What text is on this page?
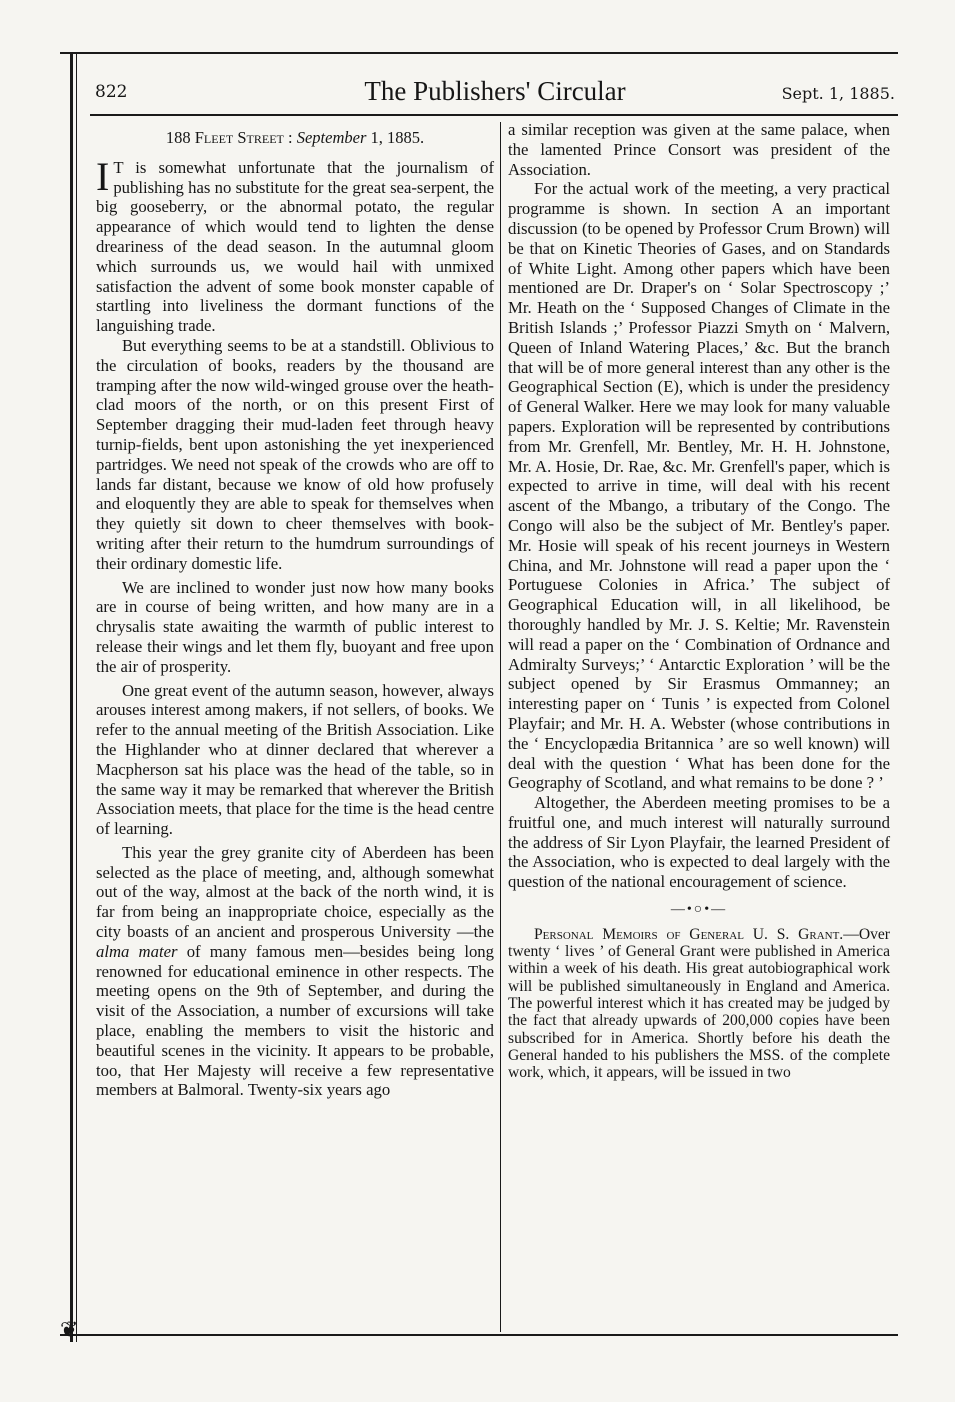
822	The Publishers' Circular	Sept. 1, 1885.
188 Fleet Street : September 1, 1885.

I T is somewhat unfortunate that the journalism of publishing has no substitute for the great sea-serpent, the big gooseberry, or the abnormal potato, the regular appearance of which would tend to lighten the dense dreariness of the dead season. In the autumnal gloom which surrounds us, we would hail with unmixed satisfaction the advent of some book monster capable of startling into liveliness the dormant functions of the languishing trade.

But everything seems to be at a standstill. Oblivious to the circulation of books, readers by the thousand are tramping after the now wild-winged grouse over the heath-clad moors of the north, or on this present First of September dragging their mud-laden feet through heavy turnip-fields, bent upon astonishing the yet inexperienced partridges. We need not speak of the crowds who are off to lands far distant, because we know of old how profusely and eloquently they are able to speak for themselves when they quietly sit down to cheer themselves with book-writing after their return to the humdrum surroundings of their ordinary domestic life.

We are inclined to wonder just now how many books are in course of being written, and how many are in a chrysalis state awaiting the warmth of public interest to release their wings and let them fly, buoyant and free upon the air of prosperity.

One great event of the autumn season, however, always arouses interest among makers, if not sellers, of books. We refer to the annual meeting of the British Association. Like the Highlander who at dinner declared that wherever a Macpherson sat his place was the head of the table, so in the same way it may be remarked that wherever the British Association meets, that place for the time is the head centre of learning.

This year the grey granite city of Aberdeen has been selected as the place of meeting, and, although somewhat out of the way, almost at the back of the north wind, it is far from being an inappropriate choice, especially as the city boasts of an ancient and prosperous University —the alma mater of many famous men—besides being long renowned for educational eminence in other respects. The meeting opens on the 9th of September, and during the visit of the Association, a number of excursions will take place, enabling the members to visit the historic and beautiful scenes in the vicinity. It appears to be probable, too, that Her Majesty will receive a few representative members at Balmoral. Twenty-six years ago

a similar reception was given at the same palace, when the lamented Prince Consort was president of the Association.

For the actual work of the meeting, a very practical programme is shown. In section A an important discussion (to be opened by Professor Crum Brown) will be that on Kinetic Theories of Gases, and on Standards of White Light. Among other papers which have been mentioned are Dr. Draper's on ‘ Solar Spectroscopy ;’ Mr. Heath on the ‘ Supposed Changes of Climate in the British Islands ;’ Professor Piazzi Smyth on ‘ Malvern, Queen of Inland Watering Places,’ &c. But the branch that will be of more general interest than any other is the Geographical Section (E), which is under the presidency of General Walker. Here we may look for many valuable papers. Exploration will be represented by contributions from Mr. Grenfell, Mr. Bentley, Mr. H. H. Johnstone, Mr. A. Hosie, Dr. Rae, &c. Mr. Grenfell's paper, which is expected to arrive in time, will deal with his recent ascent of the Mbango, a tributary of the Congo. The Congo will also be the subject of Mr. Bentley's paper. Mr. Hosie will speak of his recent journeys in Western China, and Mr. Johnstone will read a paper upon the ‘ Portuguese Colonies in Africa.’ The subject of Geographical Education will, in all likelihood, be thoroughly handled by Mr. J. S. Keltie; Mr. Ravenstein will read a paper on the ‘ Combination of Ordnance and Admiralty Surveys;’ ‘ Antarctic Exploration ’ will be the subject opened by Sir Erasmus Ommanney; an interesting paper on ‘ Tunis ’ is expected from Colonel Playfair; and Mr. H. A. Webster (whose contributions in the ‘ Encyclopædia Britannica ’ are so well known) will deal with the question ‘ What has been done for the Geography of Scotland, and what remains to be done ? ’

Altogether, the Aberdeen meeting promises to be a fruitful one, and much interest will naturally surround the address of Sir Lyon Playfair, the learned President of the Association, who is expected to deal largely with the question of the national encouragement of science.

—•○•—

Personal Memoirs of General U. S. Grant.—Over twenty ‘ lives ’ of General Grant were published in America within a week of his death. His great autobiographical work will be published simultaneously in England and America. The powerful interest which it has created may be judged by the fact that already upwards of 200,000 copies have been subscribed for in America. Shortly before his death the General handed to his publishers the MSS. of the complete work, which, it appears, will be issued in two

❦
